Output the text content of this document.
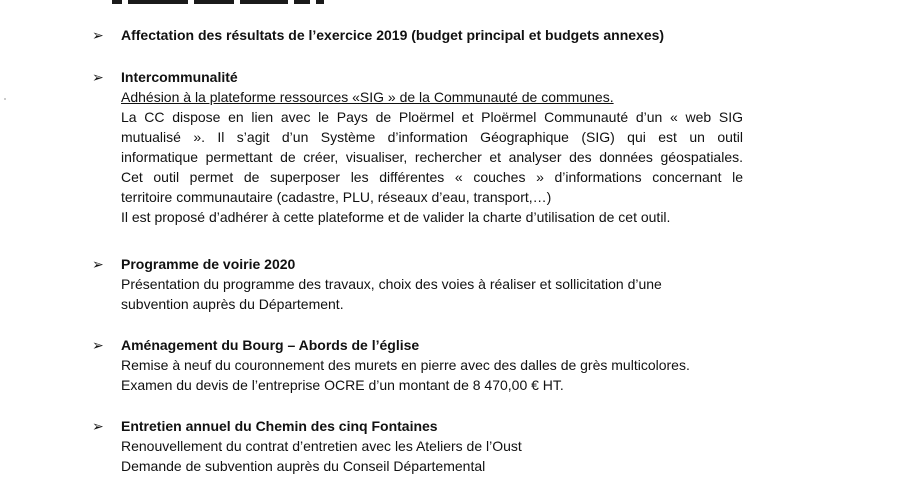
➢ Affectation des résultats de l’exercice 2019 (budget principal et budgets annexes)
➢ Intercommunalité
Adhésion à la plateforme ressources «SIG » de la Communauté de communes.
La CC dispose en lien avec le Pays de Ploërmel et Ploërmel Communauté d’un « web SIG
mutualisé ». Il s’agit d’un Système d’information Géographique (SIG) qui est un outil
informatique permettant de créer, visualiser, rechercher et analyser des données géospatiales.
Cet outil permet de superposer les différentes « couches » d’informations concernant le
territoire communautaire (cadastre, PLU, réseaux d’eau, transport,…)
Il est proposé d’adhérer à cette plateforme et de valider la charte d’utilisation de cet outil.
➢ Programme de voirie 2020
Présentation du programme des travaux, choix des voies à réaliser et sollicitation d’une
subvention auprès du Département.
➢ Aménagement du Bourg – Abords de l’église
Remise à neuf du couronnement des murets en pierre avec des dalles de grès multicolores.
Examen du devis de l’entreprise OCRE d’un montant de 8 470,00 € HT.
➢ Entretien annuel du Chemin des cinq Fontaines
Renouvellement du contrat d’entretien avec les Ateliers de l’Oust
Demande de subvention auprès du Conseil Départemental
